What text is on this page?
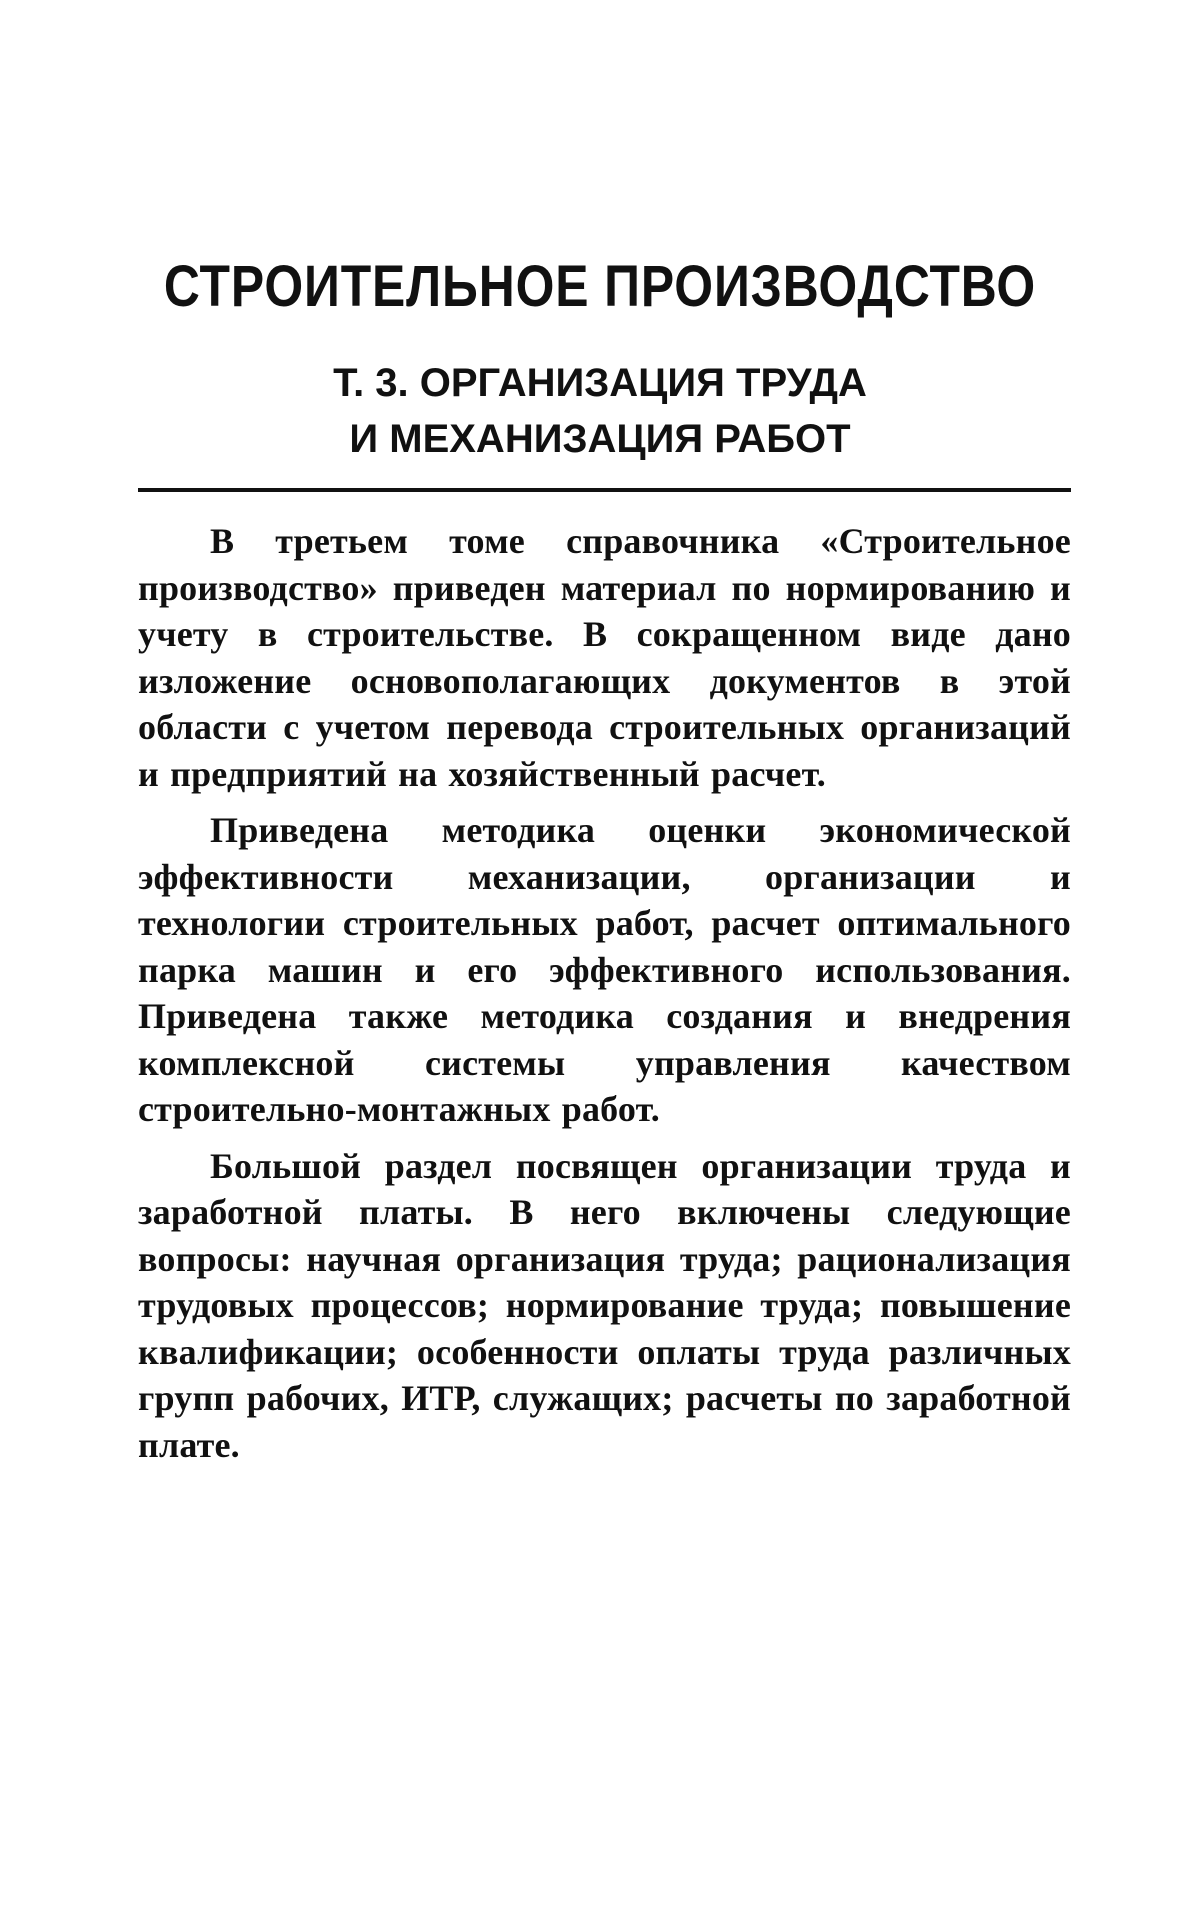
СТРОИТЕЛЬНОЕ ПРОИЗВОДСТВО
Т. 3. ОРГАНИЗАЦИЯ ТРУДА
И МЕХАНИЗАЦИЯ РАБОТ

В третьем томе справочника «Строительное производство» приведен материал по нормированию и учету в строительстве. В сокращенном виде дано изложение основополагающих документов в этой области с учетом перевода строительных организаций и предприятий на хозяйственный расчет.

Приведена методика оценки экономической эффективности механизации, организации и технологии строительных работ, расчет оптимального парка машин и его эффективного использования. Приведена также методика создания и внедрения комплексной системы управления качеством строительно-монтажных работ.

Большой раздел посвящен организации труда и заработной платы. В него включены следующие вопросы: научная организация труда; рационализация трудовых процессов; нормирование труда; повышение квалификации; особенности оплаты труда различных групп рабочих, ИТР, служащих; расчеты по заработной плате.
